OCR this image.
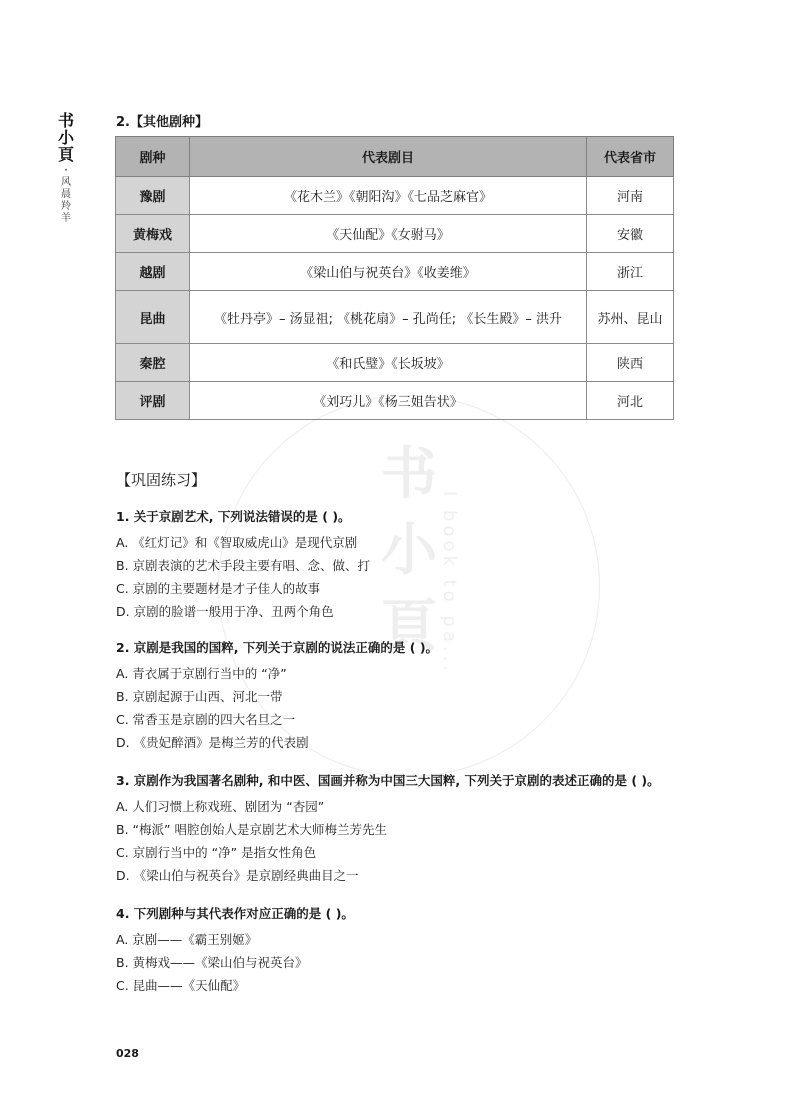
书
小
頁
·
风
晨
羚
羊
书
小
頁 I book to pa...
2.【其他剧种】
剧种	代表剧目	代表省市
豫剧	《花木兰》《朝阳沟》《七品芝麻官》	河南
黄梅戏	《天仙配》《女驸马》	安徽
越剧	《梁山伯与祝英台》《收姜维》	浙江
昆曲	《牡丹亭》– 汤显祖; 《桃花扇》– 孔尚任; 《长生殿》– 洪升	苏州、昆山
秦腔	《和氏璧》《长坂坡》	陕西
评剧	《刘巧儿》《杨三姐告状》	河北
【巩固练习】
1. 关于京剧艺术, 下列说法错误的是 ( )。
A. 《红灯记》和《智取威虎山》是现代京剧
B. 京剧表演的艺术手段主要有唱、念、做、打
C. 京剧的主要题材是才子佳人的故事
D. 京剧的脸谱一般用于净、丑两个角色
2. 京剧是我国的国粹, 下列关于京剧的说法正确的是 ( )。
A. 青衣属于京剧行当中的 “净”
B. 京剧起源于山西、河北一带
C. 常香玉是京剧的四大名旦之一
D. 《贵妃醉酒》是梅兰芳的代表剧
3. 京剧作为我国著名剧种, 和中医、国画并称为中国三大国粹, 下列关于京剧的表述正确的是 ( )。
A. 人们习惯上称戏班、剧团为 “杏园”
B. “梅派” 唱腔创始人是京剧艺术大师梅兰芳先生
C. 京剧行当中的 “净” 是指女性角色
D. 《梁山伯与祝英台》是京剧经典曲目之一
4. 下列剧种与其代表作对应正确的是 ( )。
A. 京剧——《霸王别姬》
B. 黄梅戏——《梁山伯与祝英台》
C. 昆曲——《天仙配》
028
